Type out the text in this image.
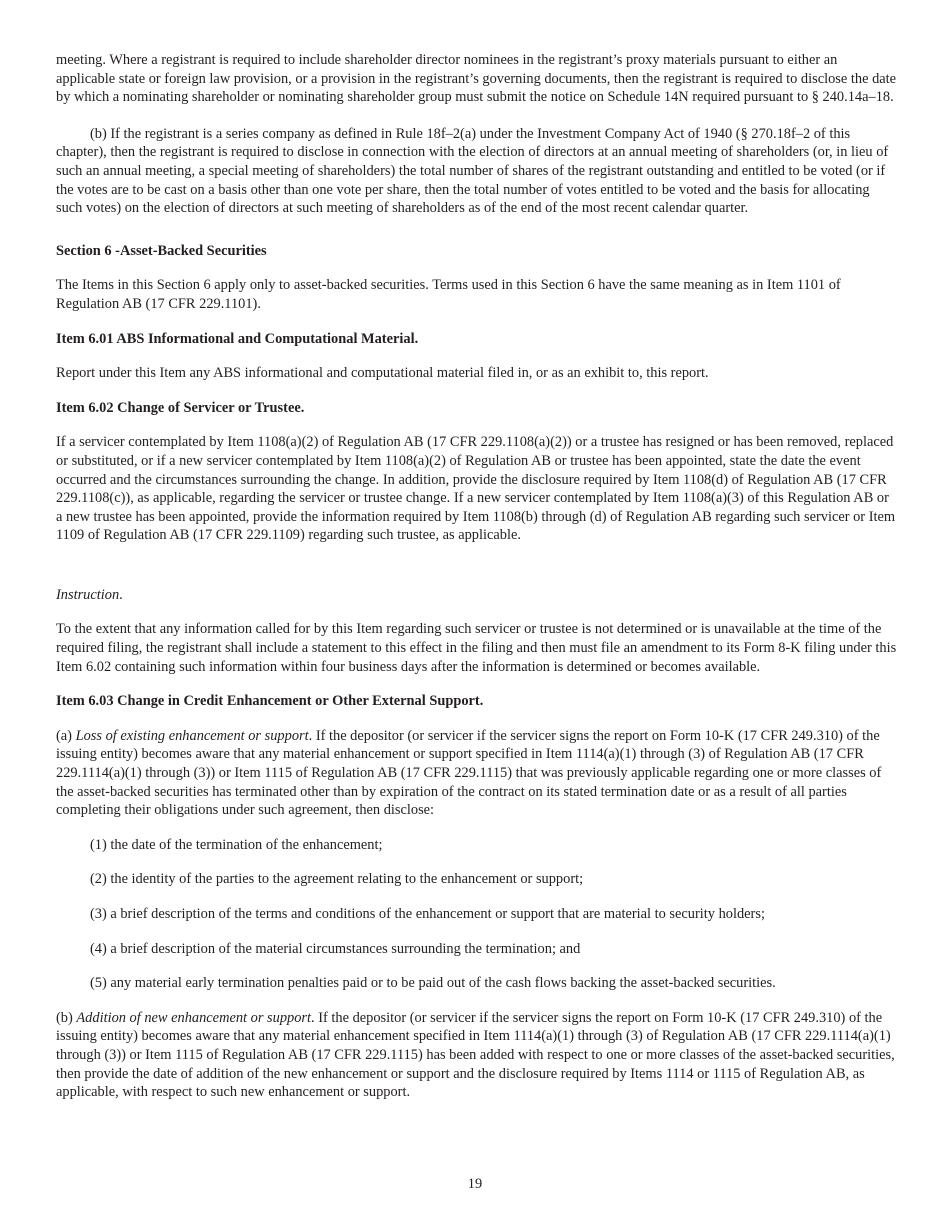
meeting. Where a registrant is required to include shareholder director nominees in the registrant’s proxy materials pursuant to either an applicable state or foreign law provision, or a provision in the registrant’s governing documents, then the registrant is required to disclose the date by which a nominating shareholder or nominating shareholder group must submit the notice on Schedule 14N required pursuant to § 240.14a–18.

(b) If the registrant is a series company as defined in Rule 18f–2(a) under the Investment Company Act of 1940 (§ 270.18f–2 of this chapter), then the registrant is required to disclose in connection with the election of directors at an annual meeting of shareholders (or, in lieu of such an annual meeting, a special meeting of shareholders) the total number of shares of the registrant outstanding and entitled to be voted (or if the votes are to be cast on a basis other than one vote per share, then the total number of votes entitled to be voted and the basis for allocating such votes) on the election of directors at such meeting of shareholders as of the end of the most recent calendar quarter.

Section 6 -Asset-Backed Securities

The Items in this Section 6 apply only to asset-backed securities. Terms used in this Section 6 have the same meaning as in Item 1101 of Regulation AB (17 CFR 229.1101).

Item 6.01 ABS Informational and Computational Material.

Report under this Item any ABS informational and computational material filed in, or as an exhibit to, this report.

Item 6.02 Change of Servicer or Trustee.

If a servicer contemplated by Item 1108(a)(2) of Regulation AB (17 CFR 229.1108(a)(2)) or a trustee has resigned or has been removed, replaced or substituted, or if a new servicer contemplated by Item 1108(a)(2) of Regulation AB or trustee has been appointed, state the date the event occurred and the circumstances surrounding the change. In addition, provide the disclosure required by Item 1108(d) of Regulation AB (17 CFR 229.1108(c)), as applicable, regarding the servicer or trustee change. If a new servicer contemplated by Item 1108(a)(3) of this Regulation AB or a new trustee has been appointed, provide the information required by Item 1108(b) through (d) of Regulation AB regarding such servicer or Item 1109 of Regulation AB (17 CFR 229.1109) regarding such trustee, as applicable.

Instruction.

To the extent that any information called for by this Item regarding such servicer or trustee is not determined or is unavailable at the time of the required filing, the registrant shall include a statement to this effect in the filing and then must file an amendment to its Form 8-K filing under this Item 6.02 containing such information within four business days after the information is determined or becomes available.

Item 6.03 Change in Credit Enhancement or Other External Support.

(a) Loss of existing enhancement or support. If the depositor (or servicer if the servicer signs the report on Form 10-K (17 CFR 249.310) of the issuing entity) becomes aware that any material enhancement or support specified in Item 1114(a)(1) through (3) of Regulation AB (17 CFR 229.1114(a)(1) through (3)) or Item 1115 of Regulation AB (17 CFR 229.1115) that was previously applicable regarding one or more classes of the asset-backed securities has terminated other than by expiration of the contract on its stated termination date or as a result of all parties completing their obligations under such agreement, then disclose:

(1) the date of the termination of the enhancement;

(2) the identity of the parties to the agreement relating to the enhancement or support;

(3) a brief description of the terms and conditions of the enhancement or support that are material to security holders;

(4) a brief description of the material circumstances surrounding the termination; and

(5) any material early termination penalties paid or to be paid out of the cash flows backing the asset-backed securities.

(b) Addition of new enhancement or support. If the depositor (or servicer if the servicer signs the report on Form 10-K (17 CFR 249.310) of the issuing entity) becomes aware that any material enhancement specified in Item 1114(a)(1) through (3) of Regulation AB (17 CFR 229.1114(a)(1) through (3)) or Item 1115 of Regulation AB (17 CFR 229.1115) has been added with respect to one or more classes of the asset-backed securities, then provide the date of addition of the new enhancement or support and the disclosure required by Items 1114 or 1115 of Regulation AB, as applicable, with respect to such new enhancement or support.

19
